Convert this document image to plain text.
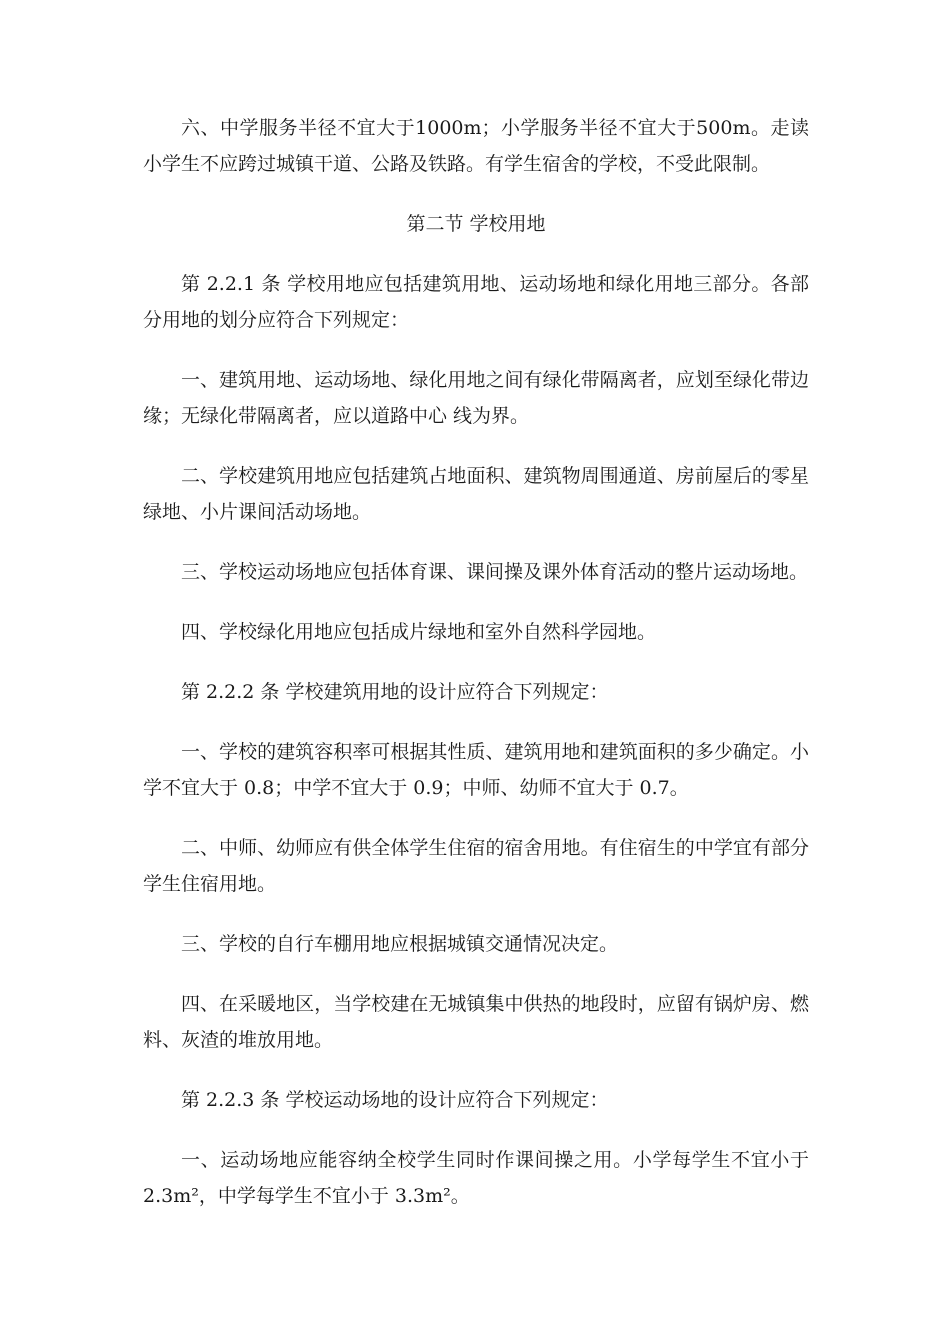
六、中学服务半径不宜大于1000m；小学服务半径不宜大于500m。走读小学生不应跨过城镇干道、公路及铁路。有学生宿舍的学校，不受此限制。

第二节 学校用地

第 2.2.1 条 学校用地应包括建筑用地、运动场地和绿化用地三部分。各部分用地的划分应符合下列规定：

一、建筑用地、运动场地、绿化用地之间有绿化带隔离者，应划至绿化带边缘；无绿化带隔离者，应以道路中心 线为界。

二、学校建筑用地应包括建筑占地面积、建筑物周围通道、房前屋后的零星绿地、小片课间活动场地。

三、学校运动场地应包括体育课、课间操及课外体育活动的整片运动场地。

四、学校绿化用地应包括成片绿地和室外自然科学园地。

第 2.2.2 条 学校建筑用地的设计应符合下列规定：

一、学校的建筑容积率可根据其性质、建筑用地和建筑面积的多少确定。小学不宜大于 0.8；中学不宜大于 0.9；中师、幼师不宜大于 0.7。

二、中师、幼师应有供全体学生住宿的宿舍用地。有住宿生的中学宜有部分学生住宿用地。

三、学校的自行车棚用地应根据城镇交通情况决定。

四、在采暖地区，当学校建在无城镇集中供热的地段时，应留有锅炉房、燃料、灰渣的堆放用地。

第 2.2.3 条 学校运动场地的设计应符合下列规定：

一、运动场地应能容纳全校学生同时作课间操之用。小学每学生不宜小于 2.3m²，中学每学生不宜小于 3.3m²。
